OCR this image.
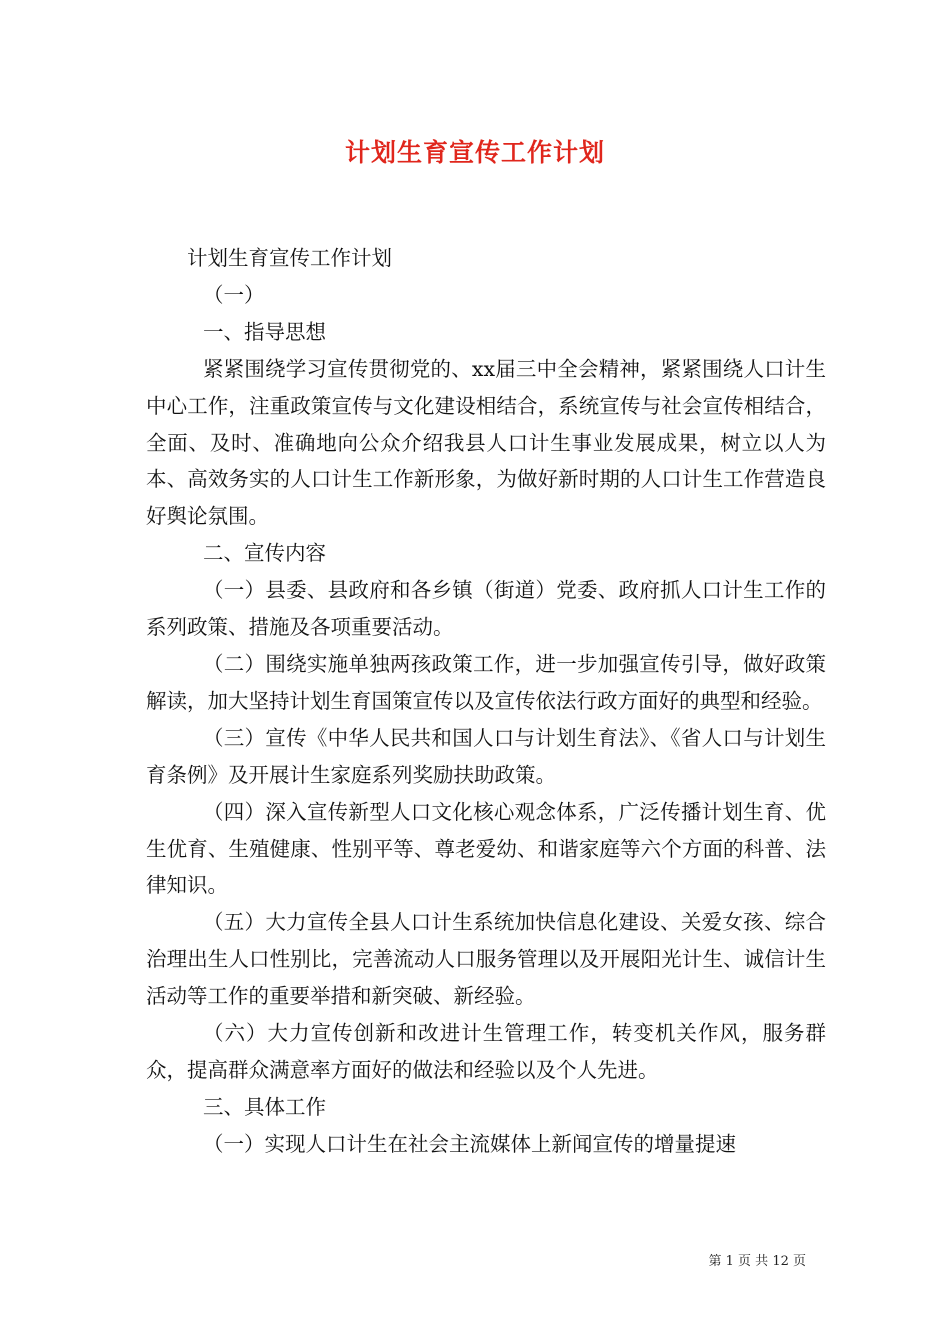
计划生育宣传工作计划

计划生育宣传工作计划

（一）

一、指导思想

紧紧围绕学习宣传贯彻党的、xx届三中全会精神，紧紧围绕人口计生中心工作，注重政策宣传与文化建设相结合，系统宣传与社会宣传相结合，全面、及时、准确地向公众介绍我县人口计生事业发展成果，树立以人为本、高效务实的人口计生工作新形象，为做好新时期的人口计生工作营造良好舆论氛围。

二、宣传内容

（一）县委、县政府和各乡镇（街道）党委、政府抓人口计生工作的系列政策、措施及各项重要活动。

（二）围绕实施单独两孩政策工作，进一步加强宣传引导，做好政策解读，加大坚持计划生育国策宣传以及宣传依法行政方面好的典型和经验。

（三）宣传《中华人民共和国人口与计划生育法》、《省人口与计划生育条例》及开展计生家庭系列奖励扶助政策。

（四）深入宣传新型人口文化核心观念体系，广泛传播计划生育、优生优育、生殖健康、性别平等、尊老爱幼、和谐家庭等六个方面的科普、法律知识。

（五）大力宣传全县人口计生系统加快信息化建设、关爱女孩、综合治理出生人口性别比，完善流动人口服务管理以及开展阳光计生、诚信计生活动等工作的重要举措和新突破、新经验。

（六）大力宣传创新和改进计生管理工作，转变机关作风，服务群众，提高群众满意率方面好的做法和经验以及个人先进。

三、具体工作

（一）实现人口计生在社会主流媒体上新闻宣传的增量提速

第 1 页 共 12 页
